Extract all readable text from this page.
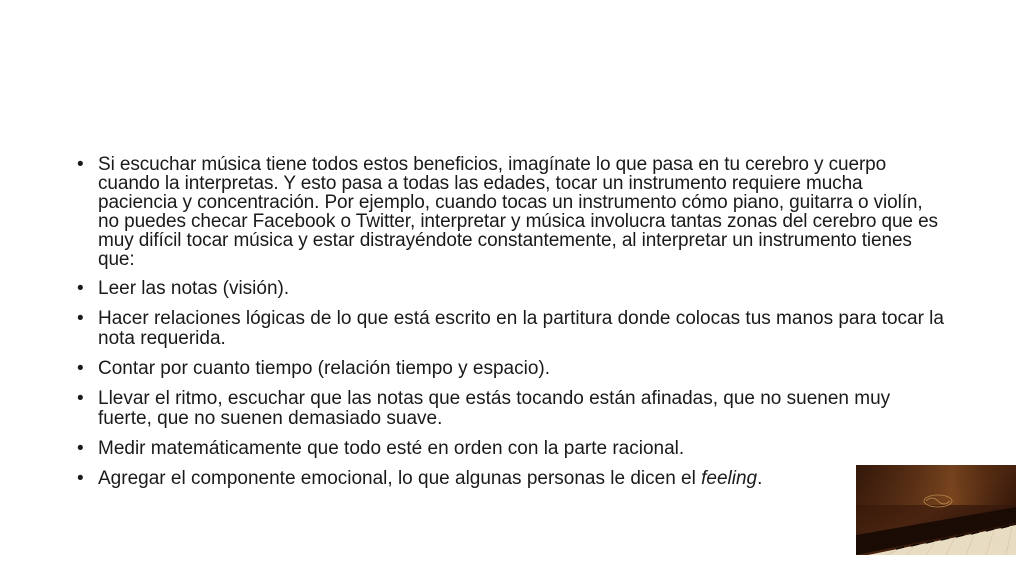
• Si escuchar música tiene todos estos beneficios, imagínate lo que pasa en tu cerebro y cuerpo cuando la interpretas. Y esto pasa a todas las edades, tocar un instrumento requiere mucha paciencia y concentración. Por ejemplo, cuando tocas un instrumento cómo piano, guitarra o violín, no puedes checar Facebook o Twitter, interpretar y música involucra tantas zonas del cerebro que es muy difícil tocar música y estar distrayéndote constantemente, al interpretar un instrumento tienes que:
• Leer las notas (visión).
• Hacer relaciones lógicas de lo que está escrito en la partitura donde colocas tus manos para tocar la nota requerida.
• Contar por cuanto tiempo (relación tiempo y espacio).
• Llevar el ritmo, escuchar que las notas que estás tocando están afinadas, que no suenen muy fuerte, que no suenen demasiado suave.
• Medir matemáticamente que todo esté en orden con la parte racional.
• Agregar el componente emocional, lo que algunas personas le dicen el feeling.
